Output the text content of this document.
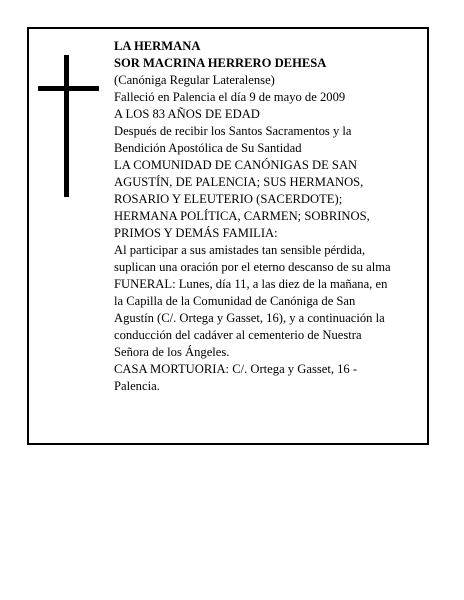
LA HERMANA
SOR MACRINA HERRERO DEHESA
(Canóniga Regular Lateralense)
Falleció en Palencia el día 9 de mayo de 2009
A LOS 83 AÑOS DE EDAD
Después de recibir los Santos Sacramentos y la
Bendición Apostólica de Su Santidad
LA COMUNIDAD DE CANÓNIGAS DE SAN
AGUSTÍN, DE PALENCIA; SUS HERMANOS,
ROSARIO Y ELEUTERIO (SACERDOTE);
HERMANA POLÍTICA, CARMEN; SOBRINOS,
PRIMOS Y DEMÁS FAMILIA:
Al participar a sus amistades tan sensible pérdida,
suplican una oración por el eterno descanso de su alma
FUNERAL: Lunes, día 11, a las diez de la mañana, en
la Capilla de la Comunidad de Canóniga de San
Agustín (C/. Ortega y Gasset, 16), y a continuación la
conducción del cadáver al cementerio de Nuestra
Señora de los Ángeles.
CASA MORTUORIA: C/. Ortega y Gasset, 16 -
Palencia.
